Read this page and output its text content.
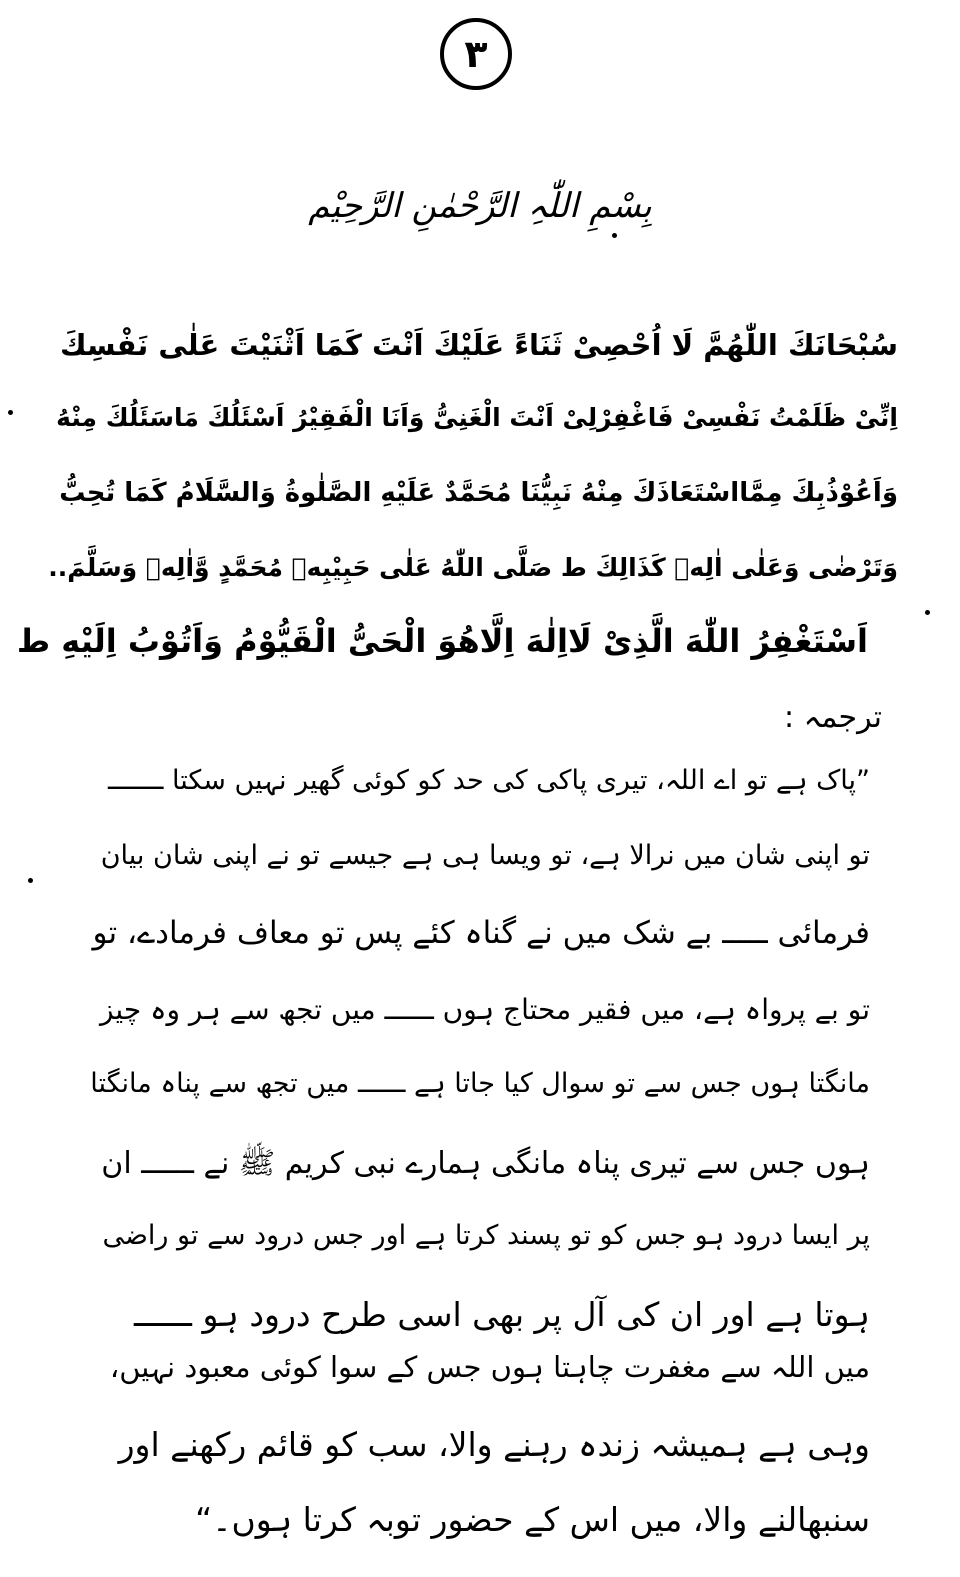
٣
بِسْمِ اللّٰہِ الرَّحْمٰنِ الرَّحِیْم
سُبْحَانَكَ اللّٰهُمَّ لَا اُحْصِیْ ثَنَاءً عَلَیْكَ اَنْتَ كَمَا اَثْنَیْتَ عَلٰی نَفْسِكَ
اِنِّیْ ظَلَمْتُ نَفْسِیْ فَاغْفِرْلِیْ اَنْتَ الْغَنِیُّ وَاَنَا الْفَقِیْرُ اَسْئَلُكَ مَاسَئَلُكَ مِنْهُ
وَاَعُوْذُبِكَ مِمَّااسْتَعَاذَكَ مِنْهُ نَبِیُّنَا مُحَمَّدٌ عَلَیْهِ الصَّلٰوةُ وَالسَّلَامُ كَمَا تُحِبُّ
وَتَرْضٰی وَعَلٰی اٰلِهٖ كَذَالِكَ ط صَلَّی اللّٰهُ عَلٰی حَبِیْبِهٖ مُحَمَّدٍ وَّاٰلِهٖ وَسَلَّمَ..
اَسْتَغْفِرُ اللّٰهَ الَّذِیْ لَااِلٰهَ اِلَّاهُوَ الْحَیُّ الْقَیُّوْمُ وَاَتُوْبُ اِلَیْهِ ط
ترجمہ :
”پاک ہے تو اے اللہ، تیری پاکی کی حد کو کوئی گھیر نہیں سکتا ـــــــ
تو اپنی شان میں نرالا ہے، تو ویسا ہی ہے جیسے تو نے اپنی شان بیان
فرمائی ـــــ بے شک میں نے گناہ کئے پس تو معاف فرمادے، تو
تو بے پرواہ ہے، میں فقیر محتاج ہوں ــــــ میں تجھ سے ہر وہ چیز
مانگتا ہوں جس سے تو سوال کیا جاتا ہے ــــــ میں تجھ سے پناہ مانگتا
ہوں جس سے تیری پناہ مانگی ہمارے نبی کریم ﷺ نے ــــــ ان
پر ایسا درود ہو جس کو تو پسند کرتا ہے اور جس درود سے تو راضی
ہوتا ہے اور ان کی آل پر بھی اسی طرح درود ہو ــــــ
میں اللہ سے مغفرت چاہتا ہوں جس کے سوا کوئی معبود نہیں،
وہی ہے ہمیشہ زندہ رہنے والا، سب کو قائم رکھنے اور
سنبھالنے والا، میں اس کے حضور توبہ کرتا ہوں۔“
